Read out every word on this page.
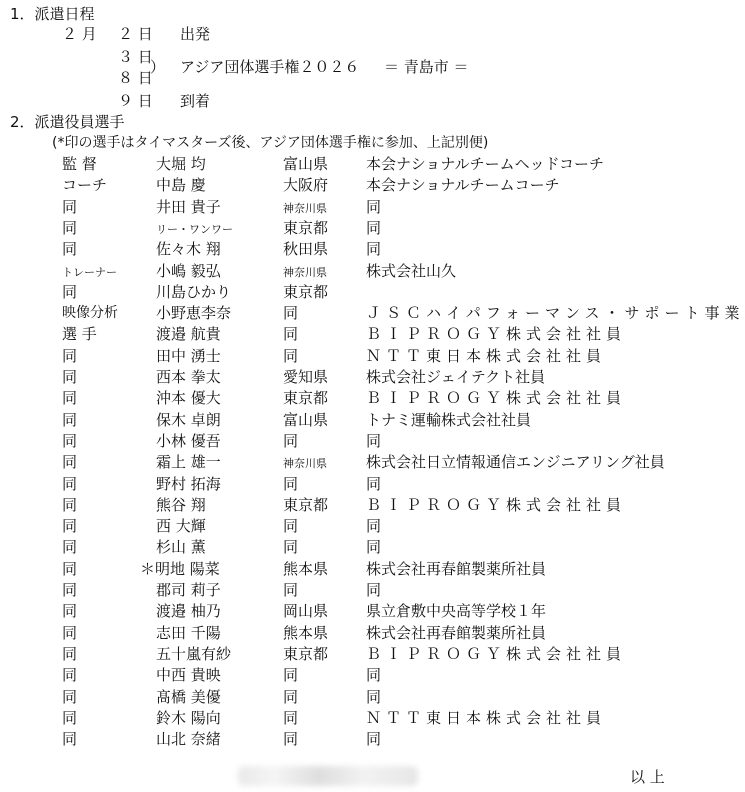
1．派遣日程
２ 月 ２ 日 出発
３ 日
） アジア団体選手権２０２６ ＝ 青島市 ＝
８ 日
９ 日 到着
2．派遣役員選手
(*印の選手はタイマスターズ後、アジア団体選手権に参加、上記別便)
監 督	大堀 均	富山県	本会ナショナルチームヘッドコーチ
コーチ	中島 慶	大阪府	本会ナショナルチームコーチ
同	井田 貴子	神奈川県	同
同	リー・ワンワー	東京都	同
同	佐々木 翔	秋田県	同
トレーナー	小嶋 毅弘	神奈川県	株式会社山久
同	川島ひかり	東京都
映像分析	小野恵李奈	同	ＪＳＣハイパフォーマンス・サポート事業
選 手	渡邉 航貴	同	ＢＩＰＲＯＧＹ株式会社社員
同	田中 湧士	同	ＮＴＴ東日本株式会社社員
同	西本 拳太	愛知県	株式会社ジェイテクト社員
同	沖本 優大	東京都	ＢＩＰＲＯＧＹ株式会社社員
同	保木 卓朗	富山県	トナミ運輸株式会社社員
同	小林 優吾	同	同
同	霜上 雄一	神奈川県	株式会社日立情報通信エンジニアリング社員
同	野村 拓海	同	同
同	熊谷 翔	東京都	ＢＩＰＲＯＧＹ株式会社社員
同	西 大輝	同	同
同	杉山 薫	同	同
同	＊明地 陽菜	熊本県	株式会社再春館製薬所社員
同	郡司 莉子	同	同
同	渡邉 柚乃	岡山県	県立倉敷中央高等学校１年
同	志田 千陽	熊本県	株式会社再春館製薬所社員
同	五十嵐有紗	東京都	ＢＩＰＲＯＧＹ株式会社社員
同	中西 貴映	同	同
同	髙橋 美優	同	同
同	鈴木 陽向	同	ＮＴＴ東日本株式会社社員
同	山北 奈緒	同	同
以 上
